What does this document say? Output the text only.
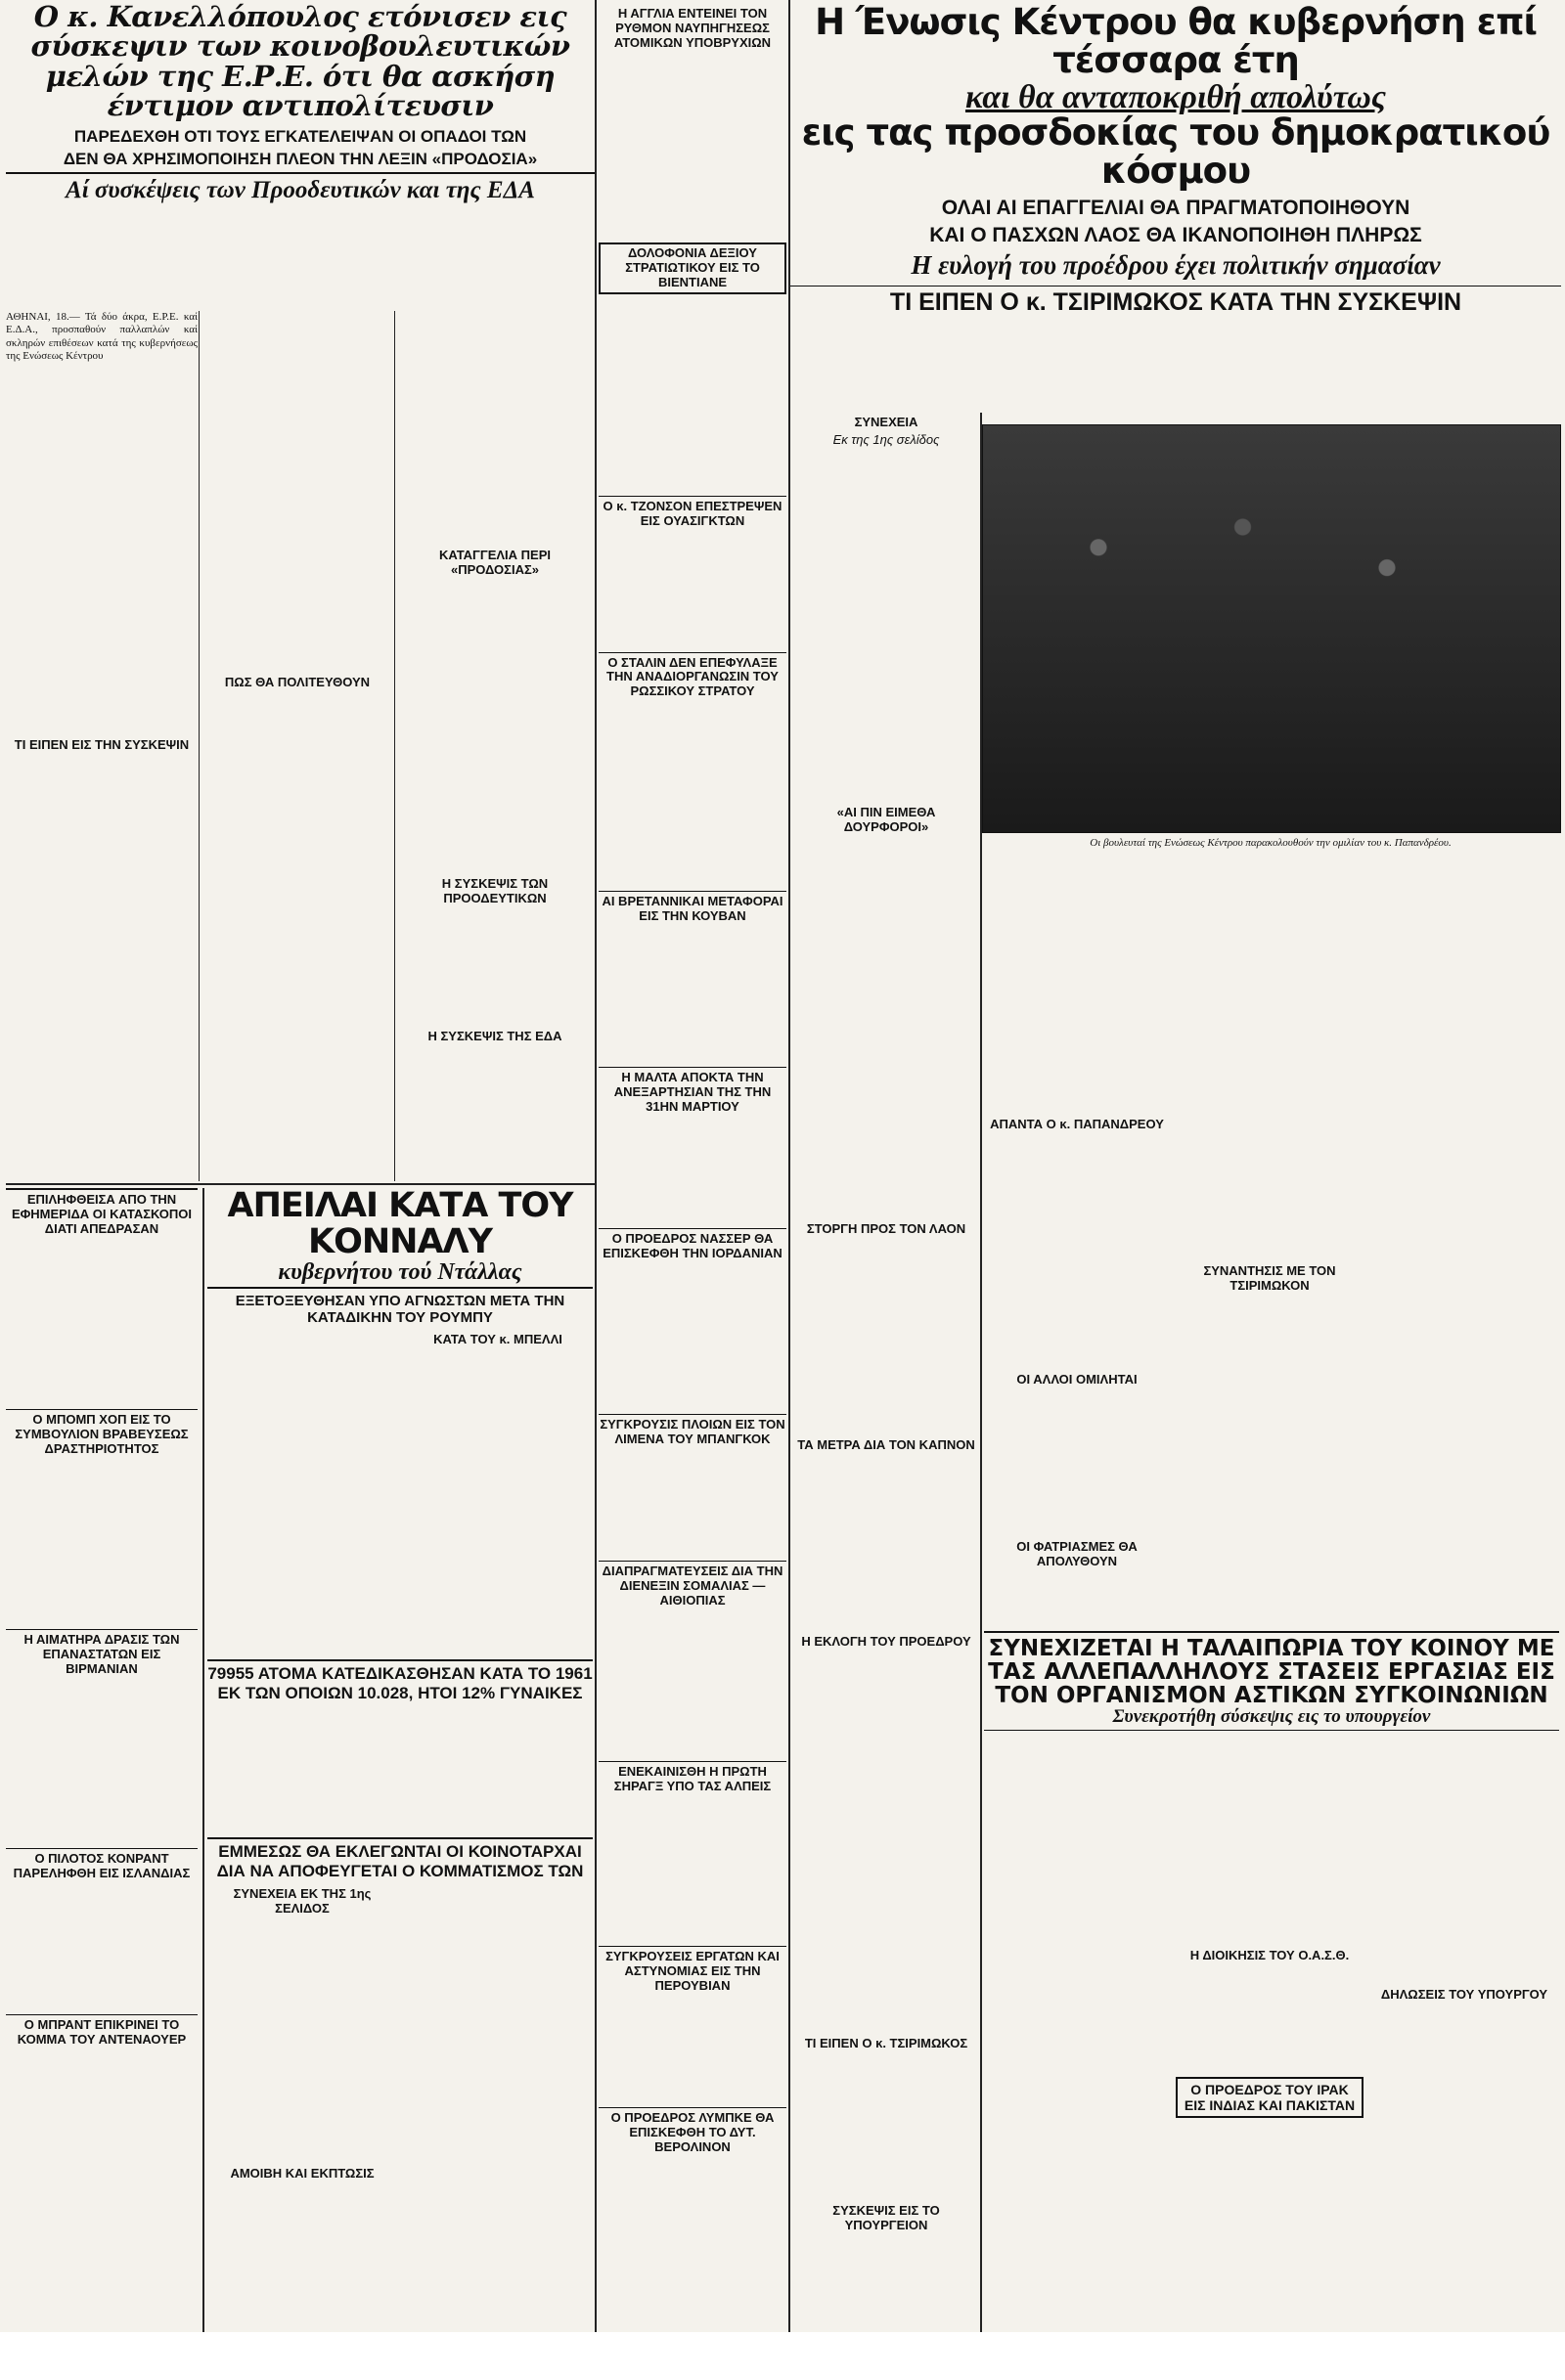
Ο κ. Κανελλόπουλος ετόνισεν εις σύσκεψιν των κοινοβουλευτικών μελών της Ε.Ρ.Ε. ότι θα ασκήση έντιμον αντιπολίτευσιν
ΠΑΡΕΔΕΧΘΗ ΟΤΙ ΤΟΥΣ ΕΓΚΑΤΕΛΕΙΨΑΝ ΟΙ ΟΠΑΔΟΙ ΤΩΝ
ΔΕΝ ΘΑ ΧΡΗΣΙΜΟΠΟΙΗΣΗ ΠΛΕΟΝ ΤΗΝ ΛΕΞΙΝ «ΠΡΟΔΟΣΙΑ»
Αί συσκέψεις των Προοδευτικών και της ΕΔΑ

ΑΘΗΝΑΙ, 18.— Τά δύο άκρα, Ε.Ρ.Ε. καί Ε.Δ.Α., προσπαθούν παλλαπλών καί σκληρών επιθέσεων κατά της κυβερνήσεως της Ενώσεως Κέντρου

ΤΙ ΕΙΠΕΝ ΕΙΣ ΤΗΝ ΣΥΣΚΕΨΙΝ
ΠΩΣ ΘΑ ΠΟΛΙΤΕΥΘΟΥΝ
ΚΑΤΑΓΓΕΛΙΑ ΠΕΡΙ «ΠΡΟΔΟΣΙΑΣ»
Η ΣΥΣΚΕΨΙΣ ΤΩΝ ΠΡΟΟΔΕΥΤΙΚΩΝ
Η ΣΥΣΚΕΨΙΣ ΤΗΣ ΕΔΑ
ΕΠΙΛΗΦΘΕΙΣΑ ΑΠΟ ΤΗΝ ΕΦΗΜΕΡΙΔΑ ΟΙ ΚΑΤΑΣΚΟΠΟΙ ΔΙΑΤΙ ΑΠΕΔΡΑΣΑΝ
Ο ΜΠΟΜΠ ΧΟΠ ΕΙΣ ΤΟ ΣΥΜΒΟΥΛΙΟΝ ΒΡΑΒΕΥΣΕΩΣ ΔΡΑΣΤΗΡΙΟΤΗΤΟΣ
Η ΑΙΜΑΤΗΡΑ ΔΡΑΣΙΣ ΤΩΝ ΕΠΑΝΑΣΤΑΤΩΝ ΕΙΣ ΒΙΡΜΑΝΙΑΝ
Ο ΠΙΛΟΤΟΣ ΚΟΝΡΑΝΤ ΠΑΡΕΛΗΦΘΗ ΕΙΣ ΙΣΛΑΝΔΙΑΣ
Ο ΜΠΡΑΝΤ ΕΠΙΚΡΙΝΕΙ ΤΟ ΚΟΜΜΑ ΤΟΥ ΑΝΤΕΝΑΟΥΕΡ
ΑΠΕΙΛΑΙ ΚΑΤΑ ΤΟΥ ΚΟΝΝΑΛΥ
κυβερνήτου τού Ντάλλας
ΕΞΕΤΟΞΕΥΘΗΣΑΝ ΥΠΟ ΑΓΝΩΣΤΩΝ ΜΕΤΑ ΤΗΝ ΚΑΤΑΔΙΚΗΝ ΤΟΥ ΡΟΥΜΠΥ
ΚΑΤΑ ΤΟΥ κ. ΜΠΕΛΛΙ
79955 ΑΤΟΜΑ ΚΑΤΕΔΙΚΑΣΘΗΣΑΝ ΚΑΤΑ ΤΟ 1961 ΕΚ ΤΩΝ ΟΠΟΙΩΝ 10.028, ΗΤΟΙ 12% ΓΥΝΑΙΚΕΣ
ΕΜΜΕΣΩΣ ΘΑ ΕΚΛΕΓΩΝΤΑΙ ΟΙ ΚΟΙΝΟΤΑΡΧΑΙ ΔΙΑ ΝΑ ΑΠΟΦΕΥΓΕΤΑΙ Ο ΚΟΜΜΑΤΙΣΜΟΣ ΤΩΝ
ΣΥΝΕΧΕΙΑ ΕΚ ΤΗΣ 1ης ΣΕΛΙΔΟΣ
ΑΜΟΙΒΗ ΚΑΙ ΕΚΠΤΩΣΙΣ
Η ΑΓΓΛΙΑ ΕΝΤΕΙΝΕΙ ΤΟΝ ΡΥΘΜΟΝ ΝΑΥΠΗΓΗΣΕΩΣ ΑΤΟΜΙΚΩΝ ΥΠΟΒΡΥΧΙΩΝ
ΔΟΛΟΦΟΝΙΑ ΔΕΞΙΟΥ ΣΤΡΑΤΙΩΤΙΚΟΥ ΕΙΣ ΤΟ ΒΙΕΝΤΙΑΝΕ
Ο κ. ΤΖΟΝΣΟΝ ΕΠΕΣΤΡΕΨΕΝ ΕΙΣ ΟΥΑΣΙΓΚΤΩΝ
Ο ΣΤΑΛΙΝ ΔΕΝ ΕΠΕΦΥΛΑΞΕ ΤΗΝ ΑΝΑΔΙΟΡΓΑΝΩΣΙΝ ΤΟΥ ΡΩΣΣΙΚΟΥ ΣΤΡΑΤΟΥ
ΑΙ ΒΡΕΤΑΝΝΙΚΑΙ ΜΕΤΑΦΟΡΑΙ ΕΙΣ ΤΗΝ ΚΟΥΒΑΝ
Η ΜΑΛΤΑ ΑΠΟΚΤΑ ΤΗΝ ΑΝΕΞΑΡΤΗΣΙΑΝ ΤΗΣ ΤΗΝ 31ΗΝ ΜΑΡΤΙΟΥ
Ο ΠΡΟΕΔΡΟΣ ΝΑΣΣΕΡ ΘΑ ΕΠΙΣΚΕΦΘΗ ΤΗΝ ΙΟΡΔΑΝΙΑΝ
ΣΥΓΚΡΟΥΣΙΣ ΠΛΟΙΩΝ ΕΙΣ ΤΟΝ ΛΙΜΕΝΑ ΤΟΥ ΜΠΑΝΓΚΟΚ
ΔΙΑΠΡΑΓΜΑΤΕΥΣΕΙΣ ΔΙΑ ΤΗΝ ΔΙΕΝΕΞΙΝ ΣΟΜΑΛΙΑΣ — ΑΙΘΙΟΠΙΑΣ
ΕΝΕΚΑΙΝΙΣΘΗ Η ΠΡΩΤΗ ΣΗΡΑΓΞ ΥΠΟ ΤΑΣ ΑΛΠΕΙΣ
ΣΥΓΚΡΟΥΣΕΙΣ ΕΡΓΑΤΩΝ ΚΑΙ ΑΣΤΥΝΟΜΙΑΣ ΕΙΣ ΤΗΝ ΠΕΡΟΥΒΙΑΝ
Ο ΠΡΟΕΔΡΟΣ ΛΥΜΠΚΕ ΘΑ ΕΠΙΣΚΕΦΘΗ ΤΟ ΔΥΤ. ΒΕΡΟΛΙΝΟΝ
Η Ένωσις Κέντρου θα κυβερνήση επί τέσσαρα έτη
και θα ανταποκριθή απολύτως
εις τας προσδοκίας του δημοκρατικού κόσμου
ΟΛΑΙ ΑΙ ΕΠΑΓΓΕΛΙΑΙ ΘΑ ΠΡΑΓΜΑΤΟΠΟΙΗΘΟΥΝ
ΚΑΙ Ο ΠΑΣΧΩΝ ΛΑΟΣ ΘΑ ΙΚΑΝΟΠΟΙΗΘΗ ΠΛΗΡΩΣ
Η ευλογή του προέδρου έχει πολιτικήν σημασίαν
ΤΙ ΕΙΠΕΝ Ο κ. ΤΣΙΡΙΜΩΚΟΣ ΚΑΤΑ ΤΗΝ ΣΥΣΚΕΨΙΝ
ΣΥΝΕΧΕΙΑ
Εκ της 1ης σελίδος
«ΑΙ ΠΙΝ ΕΙΜΕΘΑ ΔΟΥΡΦΟΡΟΙ»
ΣΤΟΡΓΗ ΠΡΟΣ ΤΟΝ ΛΑΟΝ
ΤΑ ΜΕΤΡΑ ΔΙΑ ΤΟΝ ΚΑΠΝΟΝ
Η ΕΚΛΟΓΗ ΤΟΥ ΠΡΟΕΔΡΟΥ
Οι βουλευταί της Ενώσεως Κέντρου παρακολουθούν την ομιλίαν του κ. Παπανδρέου.
ΑΠΑΝΤΑ Ο κ. ΠΑΠΑΝΔΡΕΟΥ
ΟΙ ΑΛΛΟΙ ΟΜΙΛΗΤΑΙ
ΟΙ ΦΑΤΡΙΑΣΜΕΣ ΘΑ ΑΠΟΛΥΘΟΥΝ
ΣΥΝΑΝΤΗΣΙΣ ΜΕ ΤΟΝ ΤΣΙΡΙΜΩΚΟΝ
ΣΥΝΕΧΙΖΕΤΑΙ Η ΤΑΛΑΙΠΩΡΙΑ ΤΟΥ ΚΟΙΝΟΥ ΜΕ ΤΑΣ ΑΛΛΕΠΑΛΛΗΛΟΥΣ ΣΤΑΣΕΙΣ ΕΡΓΑΣΙΑΣ ΕΙΣ ΤΟΝ ΟΡΓΑΝΙΣΜΟΝ ΑΣΤΙΚΩΝ ΣΥΓΚΟΙΝΩΝΙΩΝ
Συνεκροτήθη σύσκεψις εις το υπουργείον
Η ΔΙΟΙΚΗΣΙΣ ΤΟΥ Ο.Α.Σ.Θ.
Ο ΠΡΟΕΔΡΟΣ ΤΟΥ ΙΡΑΚ ΕΙΣ ΙΝΔΙΑΣ ΚΑΙ ΠΑΚΙΣΤΑΝ
ΔΗΛΩΣΕΙΣ ΤΟΥ ΥΠΟΥΡΓΟΥ
ΤΙ ΕΙΠΕΝ Ο κ. ΤΣΙΡΙΜΩΚΟΣ
ΣΥΣΚΕΨΙΣ ΕΙΣ ΤΟ ΥΠΟΥΡΓΕΙΟΝ
